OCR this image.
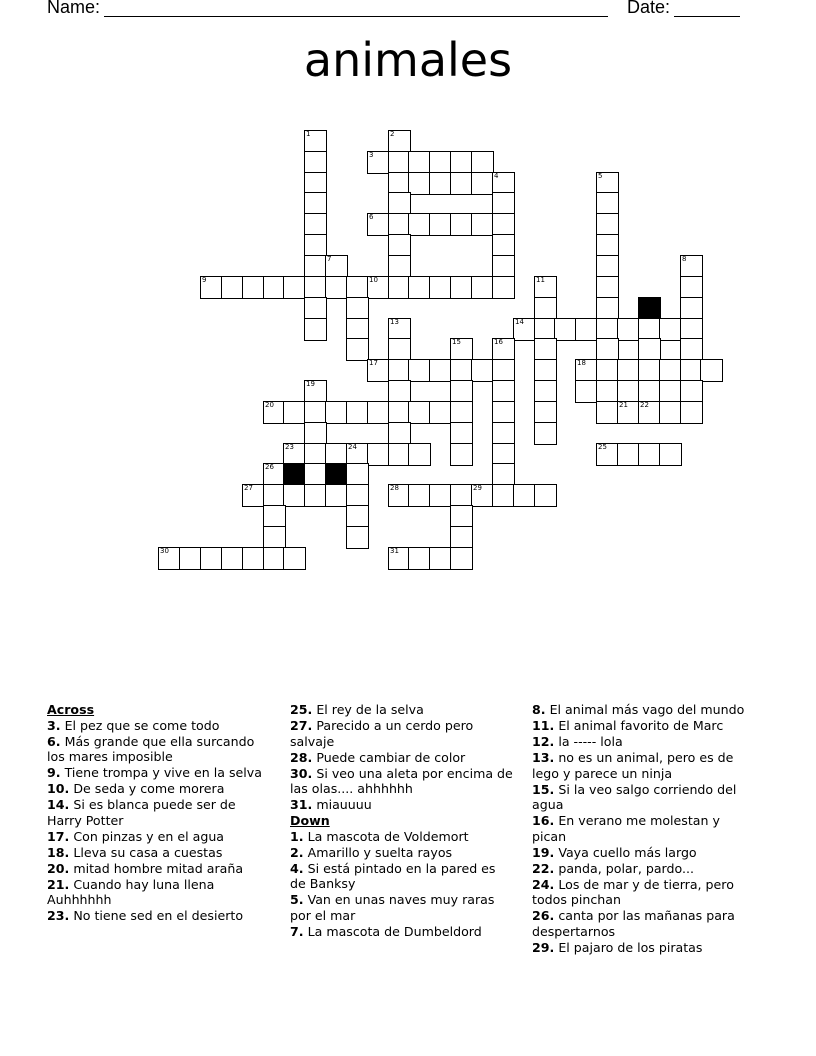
Name:	Date:
animales
1	2
3
4	5
6
7	8
9	10	11
12
13	14
15	16
17	18
19
20	21 22
23	24	25
26
27	28	29
30	31
Across
3. El pez que se come todo
6. Más grande que ella surcando los mares imposible
9. Tiene trompa y vive en la selva
10. De seda y come morera
14. Si es blanca puede ser de Harry Potter
17. Con pinzas y en el agua
18. Lleva su casa a cuestas
20. mitad hombre mitad araña
21. Cuando hay luna llena Auhhhhhh
23. No tiene sed en el desierto
25. El rey de la selva
27. Parecido a un cerdo pero salvaje
28. Puede cambiar de color
30. Si veo una aleta por encima de las olas.... ahhhhhh
31. miauuuu
Down
1. La mascota de Voldemort
2. Amarillo y suelta rayos
4. Si está pintado en la pared es de Banksy
5. Van en unas naves muy raras por el mar
7. La mascota de Dumbeldord
8. El animal más vago del mundo
11. El animal favorito de Marc
12. la ----- lola
13. no es un animal, pero es de lego y parece un ninja
15. Si la veo salgo corriendo del agua
16. En verano me molestan y pican
19. Vaya cuello más largo
22. panda, polar, pardo...
24. Los de mar y de tierra, pero todos pinchan
26. canta por las mañanas para despertarnos
29. El pajaro de los piratas
